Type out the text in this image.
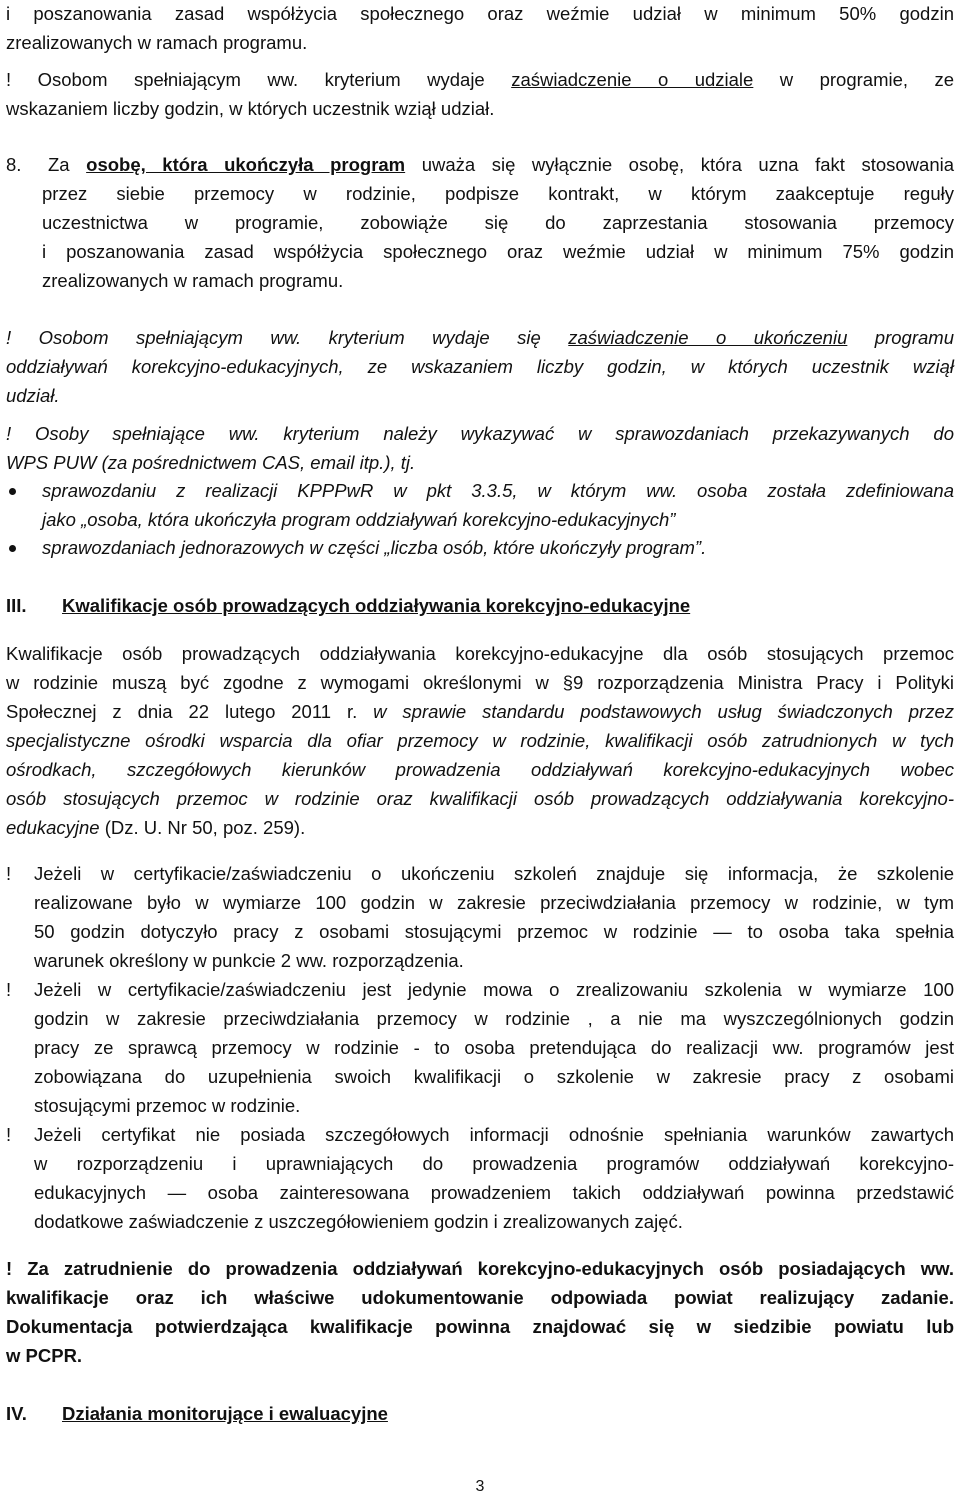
i poszanowania zasad współżycia społecznego oraz weźmie udział w minimum 50% godzin
zrealizowanych w ramach programu.
! Osobom spełniającym ww. kryterium wydaje zaświadczenie o udziale w programie, ze
wskazaniem liczby godzin, w których uczestnik wziął udział.
8. Za osobę, która ukończyła program uważa się wyłącznie osobę, która uzna fakt stosowania
przez siebie przemocy w rodzinie, podpisze kontrakt, w którym zaakceptuje reguły
uczestnictwa w programie, zobowiąże się do zaprzestania stosowania przemocy
i poszanowania zasad współżycia społecznego oraz weźmie udział w minimum 75% godzin
zrealizowanych w ramach programu.
! Osobom spełniającym ww. kryterium wydaje się zaświadczenie o ukończeniu programu
oddziaływań korekcyjno-edukacyjnych, ze wskazaniem liczby godzin, w których uczestnik wziął
udział.
! Osoby spełniające ww. kryterium należy wykazywać w sprawozdaniach przekazywanych do
WPS PUW (za pośrednictwem CAS, email itp.), tj.
sprawozdaniu z realizacji KPPPwR w pkt 3.3.5, w którym ww. osoba została zdefiniowana
jako „osoba, która ukończyła program oddziaływań korekcyjno-edukacyjnych”
sprawozdaniach jednorazowych w części „liczba osób, które ukończyły program”.
III. Kwalifikacje osób prowadzących oddziaływania korekcyjno-edukacyjne
Kwalifikacje osób prowadzących oddziaływania korekcyjno-edukacyjne dla osób stosujących przemoc
w rodzinie muszą być zgodne z wymogami określonymi w §9 rozporządzenia Ministra Pracy i Polityki
Społecznej z dnia 22 lutego 2011 r. w sprawie standardu podstawowych usług świadczonych przez
specjalistyczne ośrodki wsparcia dla ofiar przemocy w rodzinie, kwalifikacji osób zatrudnionych w tych
ośrodkach, szczegółowych kierunków prowadzenia oddziaływań korekcyjno-edukacyjnych wobec
osób stosujących przemoc w rodzinie oraz kwalifikacji osób prowadzących oddziaływania korekcyjno-
edukacyjne (Dz. U. Nr 50, poz. 259).
! Jeżeli w certyfikacie/zaświadczeniu o ukończeniu szkoleń znajduje się informacja, że szkolenie
realizowane było w wymiarze 100 godzin w zakresie przeciwdziałania przemocy w rodzinie, w tym
50 godzin dotyczyło pracy z osobami stosującymi przemoc w rodzinie — to osoba taka spełnia
warunek określony w punkcie 2 ww. rozporządzenia.
! Jeżeli w certyfikacie/zaświadczeniu jest jedynie mowa o zrealizowaniu szkolenia w wymiarze 100
godzin w zakresie przeciwdziałania przemocy w rodzinie , a nie ma wyszczególnionych godzin
pracy ze sprawcą przemocy w rodzinie - to osoba pretendująca do realizacji ww. programów jest
zobowiązana do uzupełnienia swoich kwalifikacji o szkolenie w zakresie pracy z osobami
stosującymi przemoc w rodzinie.
! Jeżeli certyfikat nie posiada szczegółowych informacji odnośnie spełniania warunków zawartych
w rozporządzeniu i uprawniających do prowadzenia programów oddziaływań korekcyjno-
edukacyjnych — osoba zainteresowana prowadzeniem takich oddziaływań powinna przedstawić
dodatkowe zaświadczenie z uszczegółowieniem godzin i zrealizowanych zajęć.
! Za zatrudnienie do prowadzenia oddziaływań korekcyjno-edukacyjnych osób posiadających ww.
kwalifikacje oraz ich właściwe udokumentowanie odpowiada powiat realizujący zadanie.
Dokumentacja potwierdzająca kwalifikacje powinna znajdować się w siedzibie powiatu lub
w PCPR.
IV. Działania monitorujące i ewaluacyjne
3
